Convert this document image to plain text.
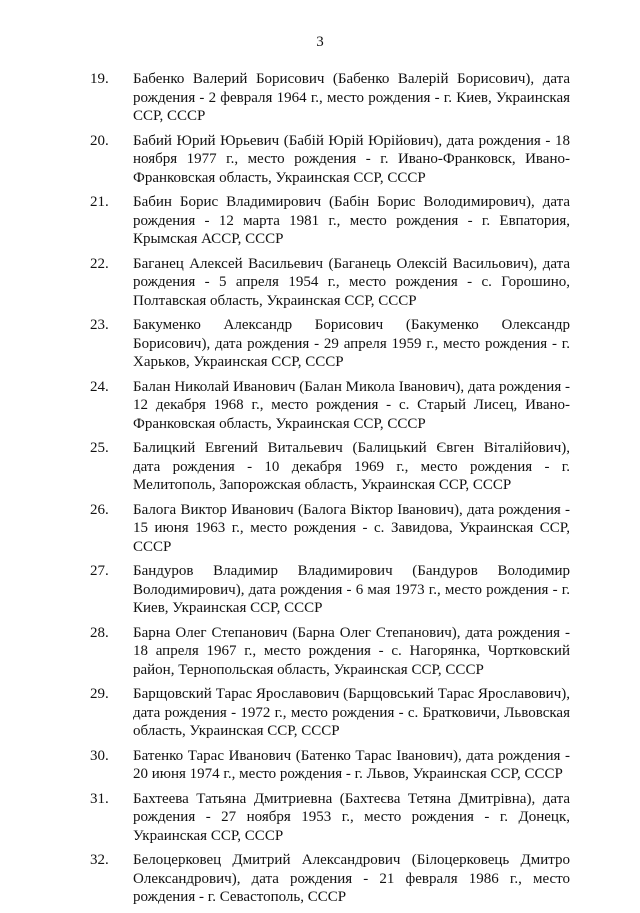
3
19.	Бабенко Валерий Борисович (Бабенко Валерій Борисович), дата рождения - 2 февраля 1964 г., место рождения - г. Киев, Украинская ССР, СССР
20.	Бабий Юрий Юрьевич (Бабій Юрій Юрійович), дата рождения - 18 ноября 1977 г., место рождения - г. Ивано-Франковск, Ивано-Франковская область, Украинская ССР, СССР
21.	Бабин Борис Владимирович (Бабін Борис Володимирович), дата рождения - 12 марта 1981 г., место рождения - г. Евпатория, Крымская АССР, СССР
22.	Баганец Алексей Васильевич (Баганець Олексій Васильович), дата рождения - 5 апреля 1954 г., место рождения - с. Горошино, Полтавская область, Украинская ССР, СССР
23.	Бакуменко Александр Борисович (Бакуменко Олександр Борисович), дата рождения - 29 апреля 1959 г., место рождения - г. Харьков, Украинская ССР, СССР
24.	Балан Николай Иванович (Балан Микола Іванович), дата рождения - 12 декабря 1968 г., место рождения - с. Старый Лисец, Ивано-Франковская область, Украинская ССР, СССР
25.	Балицкий Евгений Витальевич (Балицький Євген Віталійович), дата рождения - 10 декабря 1969 г., место рождения - г. Мелитополь, Запорожская область, Украинская ССР, СССР
26.	Балога Виктор Иванович (Балога Віктор Іванович), дата рождения - 15 июня 1963 г., место рождения - с. Завидова, Украинская ССР, СССР
27.	Бандуров Владимир Владимирович (Бандуров Володимир Володимирович), дата рождения - 6 мая 1973 г., место рождения - г. Киев, Украинская ССР, СССР
28.	Барна Олег Степанович (Барна Олег Степанович), дата рождения - 18 апреля 1967 г., место рождения - с. Нагорянка, Чортковский район, Тернопольская область, Украинская ССР, СССР
29.	Барщовский Тарас Ярославович (Барщовський Тарас Ярославович), дата рождения - 1972 г., место рождения - с. Братковичи, Львовская область, Украинская ССР, СССР
30.	Батенко Тарас Иванович (Батенко Тарас Іванович), дата рождения - 20 июня 1974 г., место рождения - г. Львов, Украинская ССР, СССР
31.	Бахтеева Татьяна Дмитриевна (Бахтеєва Тетяна Дмитрівна), дата рождения - 27 ноября 1953 г., место рождения - г. Донецк, Украинская ССР, СССР
32.	Белоцерковец Дмитрий Александрович (Білоцерковець Дмитро Олександрович), дата рождения - 21 февраля 1986 г., место рождения - г. Севастополь, СССР
